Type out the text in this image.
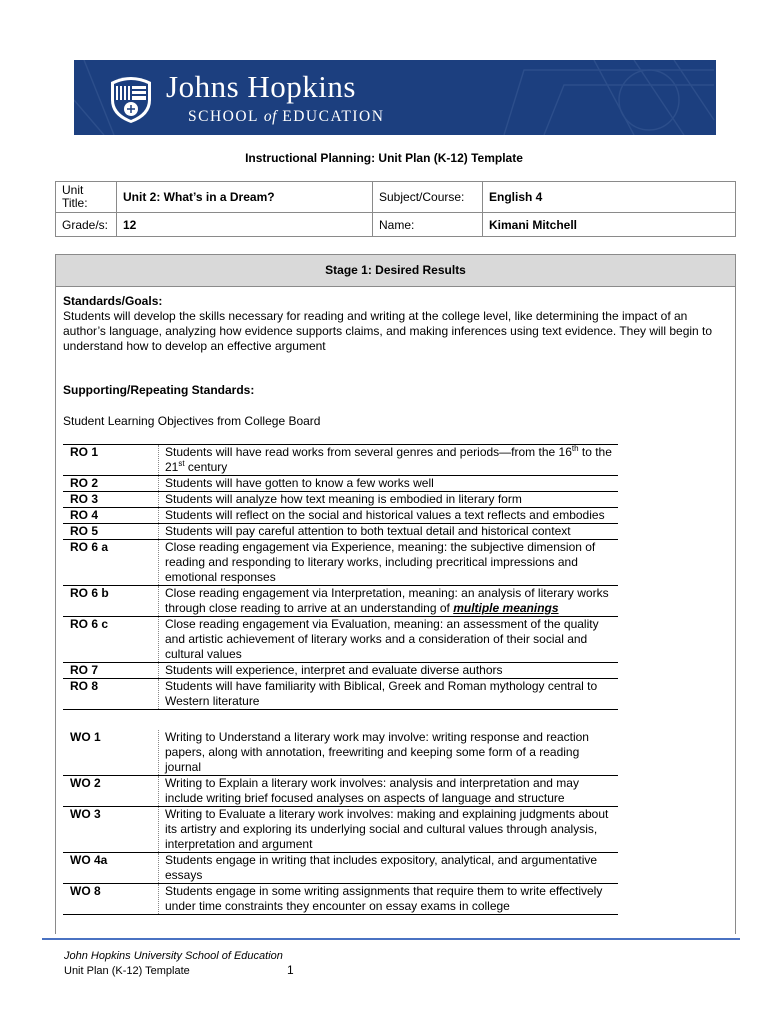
Johns Hopkins
SCHOOL of EDUCATION
Instructional Planning: Unit Plan (K-12) Template
Unit Title:	Unit 2: What’s in a Dream?	Subject/Course:	English 4
Grade/s:	12	Name:	Kimani Mitchell
Stage 1: Desired Results
Standards/Goals:
Students will develop the skills necessary for reading and writing at the college level, like determining the impact of an author’s language, analyzing how evidence supports claims, and making inferences using text evidence. They will begin to understand how to develop an effective argument
Supporting/Repeating Standards:
Student Learning Objectives from College Board
RO 1	Students will have read works from several genres and periods—from the 16th to the 21st century
RO 2	Students will have gotten to know a few works well
RO 3	Students will analyze how text meaning is embodied in literary form
RO 4	Students will reflect on the social and historical values a text reflects and embodies
RO 5	Students will pay careful attention to both textual detail and historical context
RO 6 a	Close reading engagement via Experience, meaning: the subjective dimension of reading and responding to literary works, including precritical impressions and emotional responses
RO 6 b	Close reading engagement via Interpretation, meaning: an analysis of literary works through close reading to arrive at an understanding of multiple meanings
RO 6 c	Close reading engagement via Evaluation, meaning: an assessment of the quality and artistic achievement of literary works and a consideration of their social and cultural values
RO 7	Students will experience, interpret and evaluate diverse authors
RO 8	Students will have familiarity with Biblical, Greek and Roman mythology central to Western literature
WO 1	Writing to Understand a literary work may involve: writing response and reaction papers, along with annotation, freewriting and keeping some form of a reading journal
WO 2	Writing to Explain a literary work involves: analysis and interpretation and may include writing brief focused analyses on aspects of language and structure
WO 3	Writing to Evaluate a literary work involves: making and explaining judgments about its artistry and exploring its underlying social and cultural values through analysis, interpretation and argument
WO 4a	Students engage in writing that includes expository, analytical, and argumentative essays
WO 8	Students engage in some writing assignments that require them to write effectively under time constraints they encounter on essay exams in college
John Hopkins University School of Education
Unit Plan (K-12) Template	1
